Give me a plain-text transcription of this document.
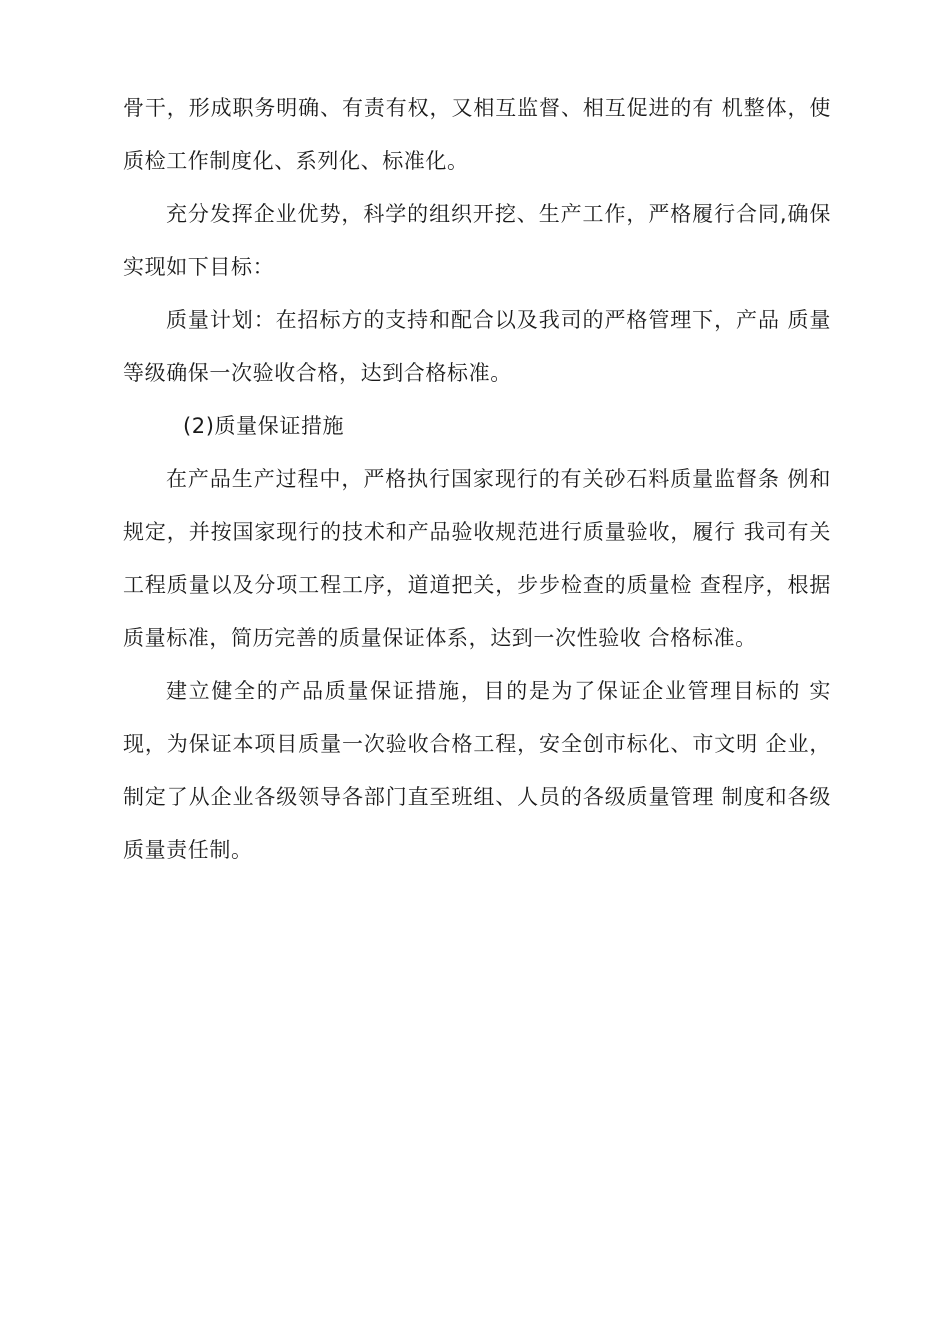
骨干，形成职务明确、有责有权，又相互监督、相互促进的有 机整体，使质检工作制度化、系列化、标准化。

充分发挥企业优势，科学的组织开挖、生产工作，严格履行合同,确保实现如下目标：

质量计划：在招标方的支持和配合以及我司的严格管理下，产品 质量等级确保一次验收合格，达到合格标准。

(2)质量保证措施

在产品生产过程中，严格执行国家现行的有关砂石料质量监督条 例和规定，并按国家现行的技术和产品验收规范进行质量验收，履行 我司有关工程质量以及分项工程工序，道道把关，步步检查的质量检 查程序，根据质量标准，简历完善的质量保证体系，达到一次性验收 合格标准。

建立健全的产品质量保证措施，目的是为了保证企业管理目标的 实现，为保证本项目质量一次验收合格工程，安全创市标化、市文明 企业，制定了从企业各级领导各部门直至班组、人员的各级质量管理 制度和各级质量责任制。
